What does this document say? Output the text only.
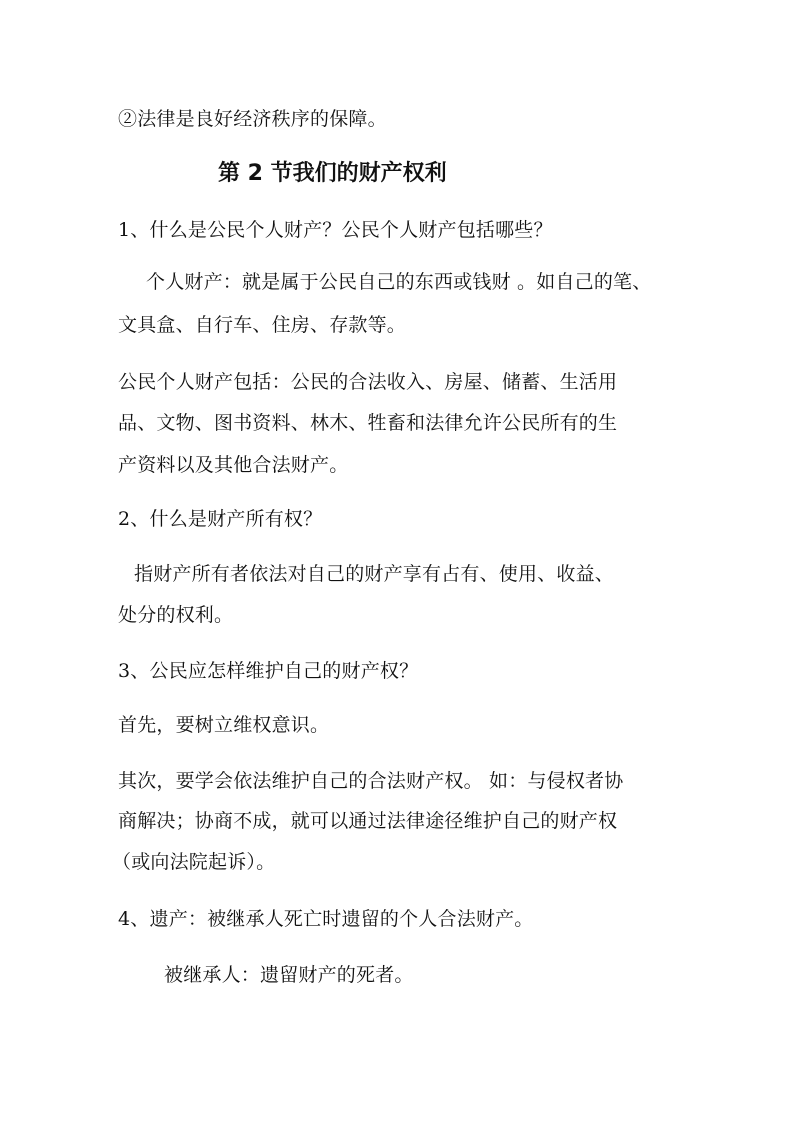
②法律是良好经济秩序的保障。
第 2 节我们的财产权利
1、什么是公民个人财产？公民个人财产包括哪些？
个人财产：就是属于公民自己的东西或钱财 。如自己的笔、
文具盒、自行车、住房、存款等。
公民个人财产包括：公民的合法收入、房屋、储蓄、生活用
品、文物、图书资料、林木、牲畜和法律允许公民所有的生
产资料以及其他合法财产。
2、什么是财产所有权？
指财产所有者依法对自己的财产享有占有、使用、收益、
处分的权利。
3、公民应怎样维护自己的财产权？
首先，要树立维权意识。
其次，要学会依法维护自己的合法财产权。 如：与侵权者协
商解决；协商不成，就可以通过法律途径维护自己的财产权
（或向法院起诉）。
4、遗产：被继承人死亡时遗留的个人合法财产。
被继承人：遗留财产的死者。
